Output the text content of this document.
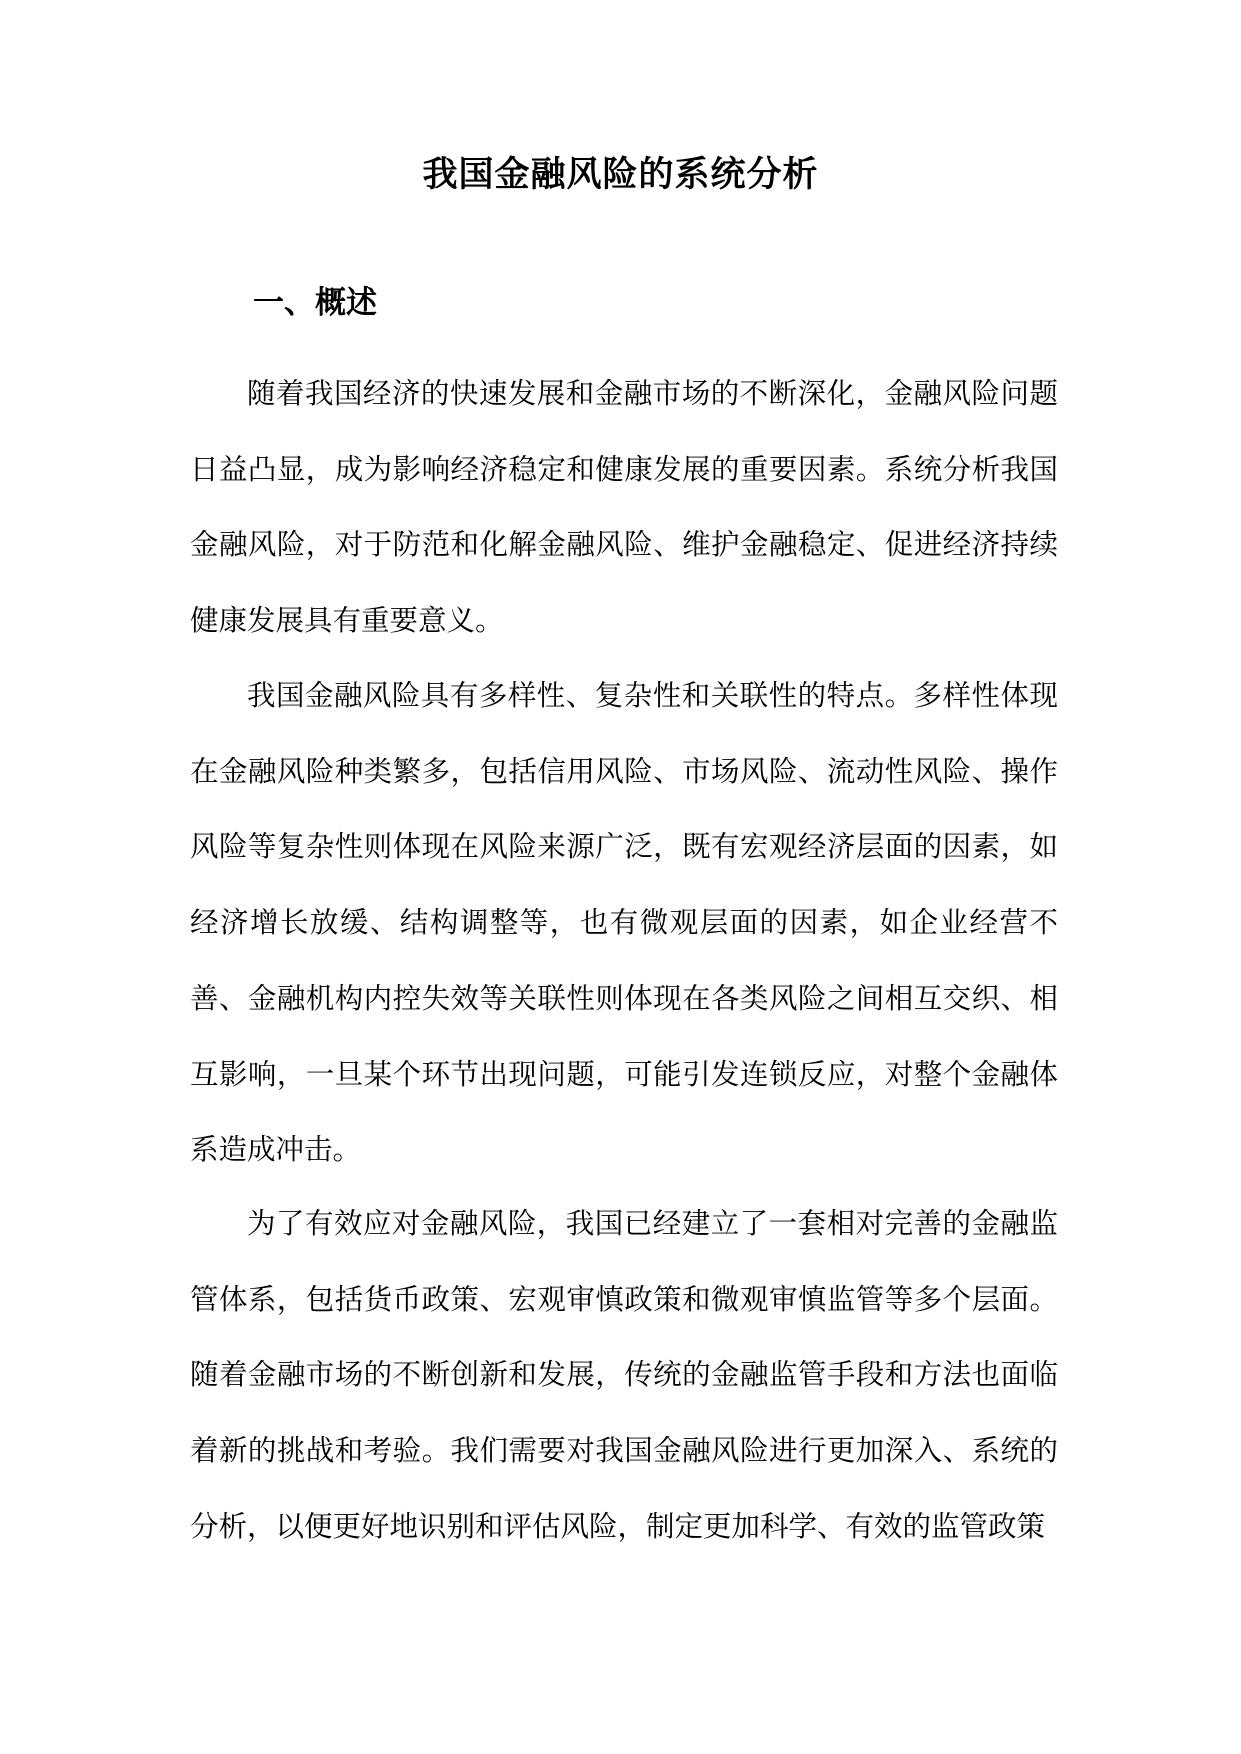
我国金融风险的系统分析
一、概述

随着我国经济的快速发展和金融市场的不断深化，金融风险问题日益凸显，成为影响经济稳定和健康发展的重要因素。系统分析我国金融风险，对于防范和化解金融风险、维护金融稳定、促进经济持续健康发展具有重要意义。

我国金融风险具有多样性、复杂性和关联性的特点。多样性体现在金融风险种类繁多，包括信用风险、市场风险、流动性风险、操作风险等复杂性则体现在风险来源广泛，既有宏观经济层面的因素，如经济增长放缓、结构调整等，也有微观层面的因素，如企业经营不善、金融机构内控失效等关联性则体现在各类风险之间相互交织、相互影响，一旦某个环节出现问题，可能引发连锁反应，对整个金融体系造成冲击。

为了有效应对金融风险，我国已经建立了一套相对完善的金融监管体系，包括货币政策、宏观审慎政策和微观审慎监管等多个层面。随着金融市场的不断创新和发展，传统的金融监管手段和方法也面临着新的挑战和考验。我们需要对我国金融风险进行更加深入、系统的分析，以便更好地识别和评估风险，制定更加科学、有效的监管政策
